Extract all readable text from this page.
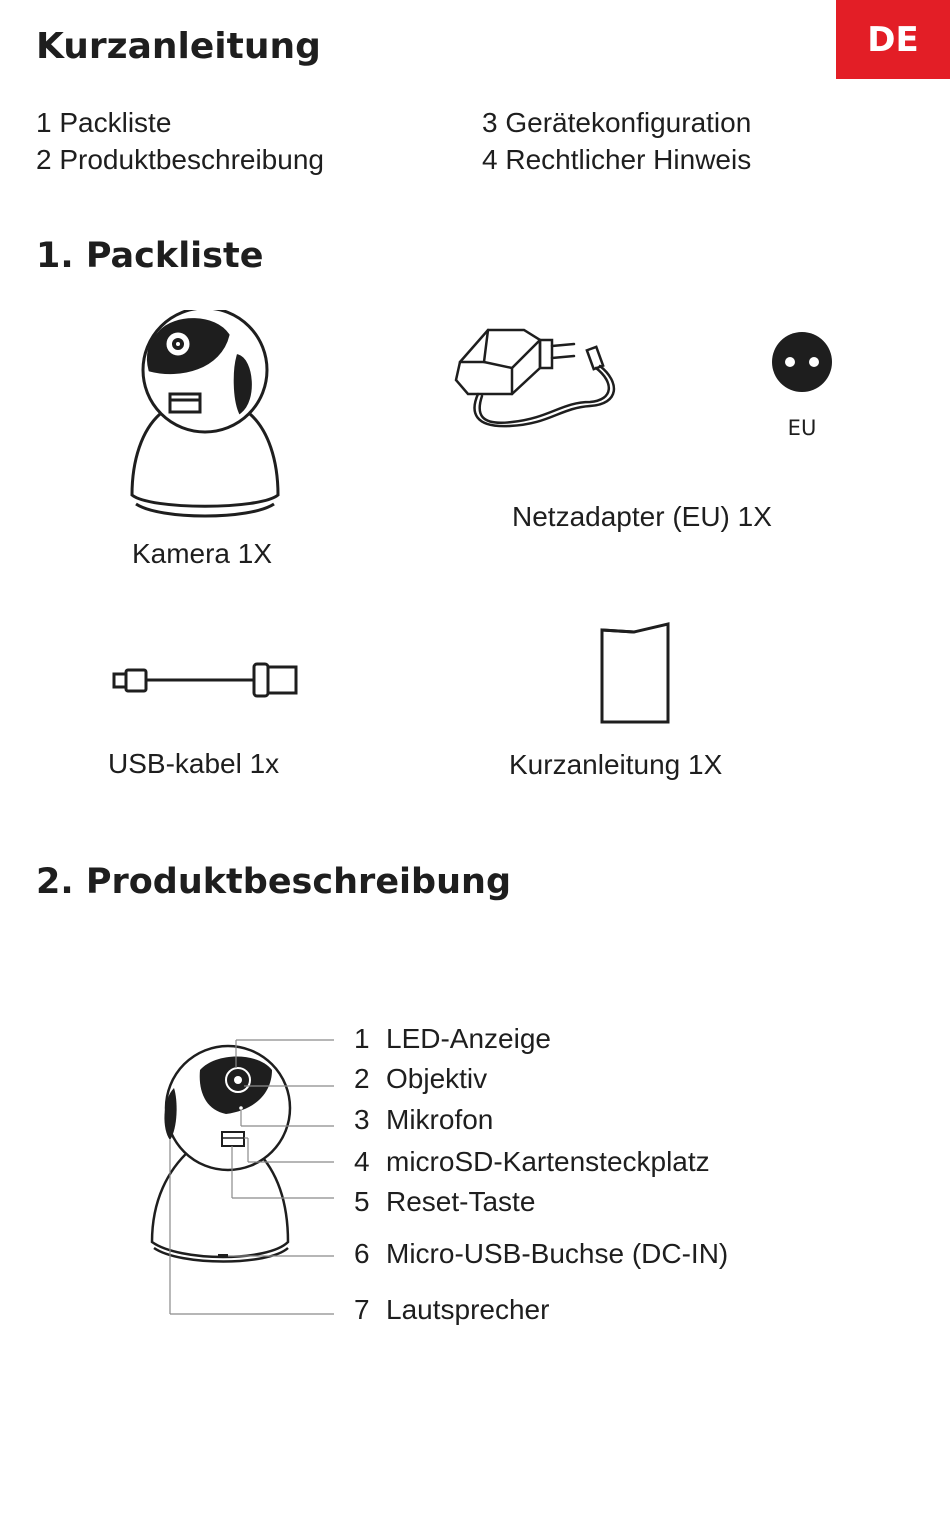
DE
Kurzanleitung
1 Packliste
2 Produktbeschreibung
3 Gerätekonfiguration
4 Rechtlicher Hinweis
1. Packliste
Kamera 1X
EU
Netzadapter (EU) 1X
USB-kabel 1x	Kurzanleitung 1X
2. Produktbeschreibung
1 LED-Anzeige
2 Objektiv
3 Mikrofon
4 microSD-Kartensteckplatz
5 Reset-Taste
6 Micro-USB-Buchse (DC-IN)
7 Lautsprecher
